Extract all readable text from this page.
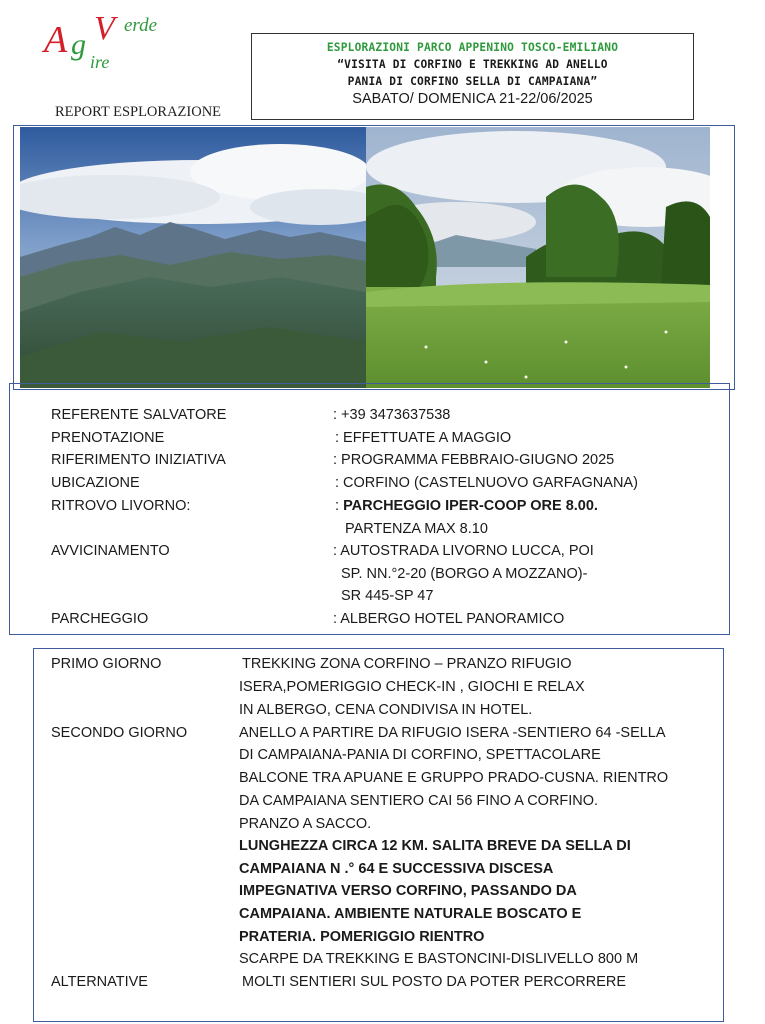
A V
g
erde
ire
REPORT ESPLORAZIONE
ESPLORAZIONI PARCO APPENINO TOSCO-EMILIANO
“VISITA DI CORFINO E TREKKING AD ANELLO
PANIA DI CORFINO SELLA DI CAMPAIANA”
SABATO/ DOMENICA 21-22/06/2025
REFERENTE SALVATORE	: +39 3473637538
PRENOTAZIONE	: EFFETTUATE A MAGGIO
RIFERIMENTO INIZIATIVA	: PROGRAMMA FEBBRAIO-GIUGNO 2025
UBICAZIONE	: CORFINO (CASTELNUOVO GARFAGNANA)
RITROVO LIVORNO:	: PARCHEGGIO IPER-COOP ORE 8.00.
PARTENZA MAX 8.10
AVVICINAMENTO	: AUTOSTRADA LIVORNO LUCCA, POI
SP. NN.°2-20 (BORGO A MOZZANO)-
SR 445-SP 47
PARCHEGGIO	: ALBERGO HOTEL PANORAMICO
PRIMO GIORNO	TREKKING ZONA CORFINO – PRANZO RIFUGIO
ISERA,POMERIGGIO CHECK-IN , GIOCHI E RELAX
IN ALBERGO, CENA CONDIVISA IN HOTEL.
SECONDO GIORNO	ANELLO A PARTIRE DA RIFUGIO ISERA -SENTIERO 64 -SELLA
DI CAMPAIANA-PANIA DI CORFINO, SPETTACOLARE
BALCONE TRA APUANE E GRUPPO PRADO-CUSNA. RIENTRO
DA CAMPAIANA SENTIERO CAI 56 FINO A CORFINO.
PRANZO A SACCO.
LUNGHEZZA CIRCA 12 KM. SALITA BREVE DA SELLA DI
CAMPAIANA N .° 64 E SUCCESSIVA DISCESA
IMPEGNATIVA VERSO CORFINO, PASSANDO DA
CAMPAIANA. AMBIENTE NATURALE BOSCATO E
PRATERIA. POMERIGGIO RIENTRO
SCARPE DA TREKKING E BASTONCINI-DISLIVELLO 800 M
ALTERNATIVE	MOLTI SENTIERI SUL POSTO DA POTER PERCORRERE
